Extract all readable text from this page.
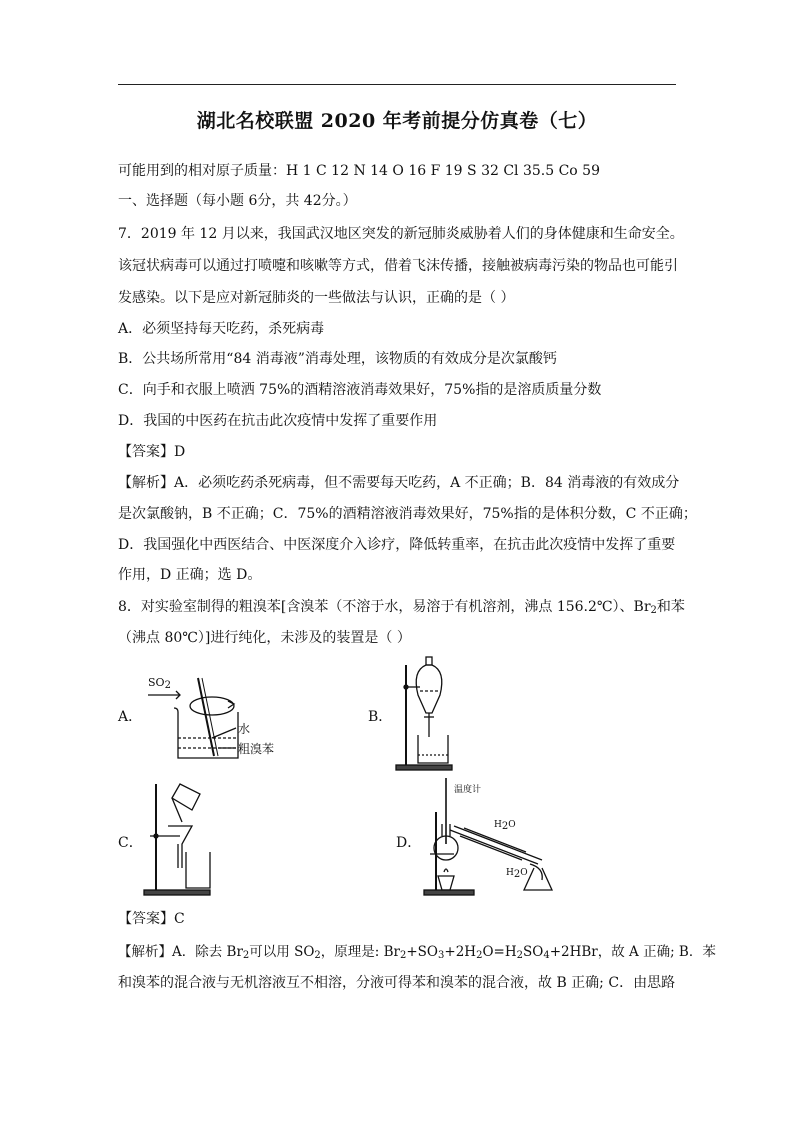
湖北名校联盟 2020 年考前提分仿真卷（七）
可能用到的相对原子质量：H 1 C 12 N 14 O 16 F 19 S 32 Cl 35.5 Co 59
一、选择题（每小题 6分，共 42分。）
7．2019 年 12 月以来，我国武汉地区突发的新冠肺炎威胁着人们的身体健康和生命安全。
该冠状病毒可以通过打喷嚏和咳嗽等方式，借着飞沫传播，接触被病毒污染的物品也可能引
发感染。以下是应对新冠肺炎的一些做法与认识，正确的是（ ）
A．必须坚持每天吃药，杀死病毒
B．公共场所常用“84 消毒液”消毒处理，该物质的有效成分是次氯酸钙
C．向手和衣服上喷洒 75%的酒精溶液消毒效果好，75%指的是溶质质量分数
D．我国的中医药在抗击此次疫情中发挥了重要作用
【答案】D
【解析】A．必须吃药杀死病毒，但不需要每天吃药，A 不正确；B．84 消毒液的有效成分
是次氯酸钠，B 不正确；C．75%的酒精溶液消毒效果好，75%指的是体积分数，C 不正确；
D．我国强化中西医结合、中医深度介入诊疗，降低转重率，在抗击此次疫情中发挥了重要
作用，D 正确；选 D。
8．对实验室制得的粗溴苯[含溴苯（不溶于水，易溶于有机溶剂，沸点 156.2℃）、$Br_2$和苯
（沸点 80℃）]进行纯化，未涉及的装置是（ ）
A．	B．
C．	D．
$SO_2$
水
粗溴苯
温度计
$H_2O$
$H_2O$
【答案】C
【解析】A．除去 $Br_2$可以用 $SO_2$，原理是: $Br_2+SO_3+2H_2O=H_2SO_4+2HBr$，故 A 正确; B．苯
和溴苯的混合液与无机溶液互不相溶，分液可得苯和溴苯的混合液，故 B 正确; C．由思路
